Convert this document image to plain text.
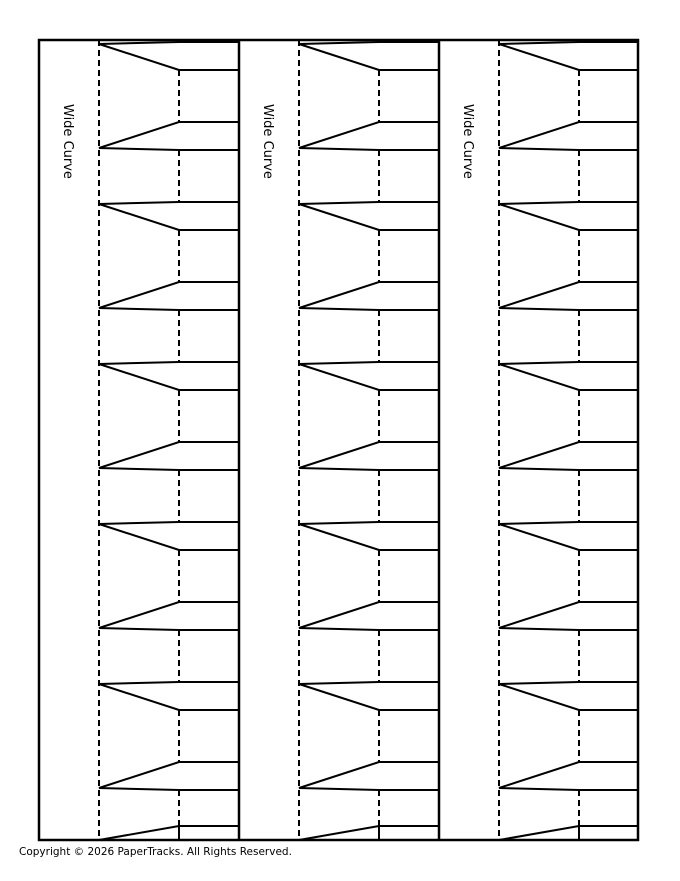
Wide Curve	Wide Curve	Wide Curve
Copyright © 2026 PaperTracks. All Rights Reserved.
